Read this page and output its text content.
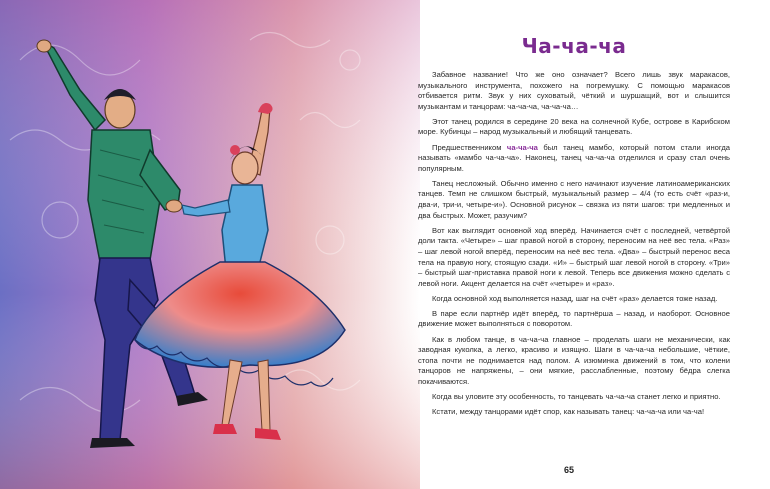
Ча-ча-ча

Забавное название! Что же оно означает? Всего лишь звук маракасов, музыкального инструмента, похожего на погремушку. С помощью маракасов отбивается ритм. Звук у них суховатый, чёткий и шуршащий, вот и слышится музыкантам и танцорам: ча-ча-ча, ча-ча-ча…

Этот танец родился в середине 20 века на солнечной Кубе, острове в Карибском море. Кубинцы – народ музыкальный и любящий танцевать.

Предшественником ча-ча-ча был танец мамбо, который потом стали иногда называть «мамбо ча-ча-ча». Наконец, танец ча-ча-ча отделился и сразу стал очень популярным.

Танец несложный. Обычно именно с него начинают изучение латиноамериканских танцев. Темп не слишком быстрый, музыкальный размер – 4/4 (то есть счёт «раз-и, два-и, три-и, четыре-и»). Основной рисунок – связка из пяти шагов: три медленных и два быстрых. Может, разучим?

Вот как выглядит основной ход вперёд. Начинается счёт с последней, четвёртой доли такта. «Четыре» – шаг правой ногой в сторону, переносим на неё вес тела. «Раз» – шаг левой ногой вперёд, переносим на неё вес тела. «Два» – быстрый перенос веса тела на правую ногу, стоящую сзади. «И» – быстрый шаг левой ногой в сторону. «Три» – быстрый шаг-приставка правой ноги к левой. Теперь все движения можно сделать с левой ноги. Акцент делается на счёт «четыре» и «раз».

Когда основной ход выполняется назад, шаг на счёт «раз» делается тоже назад.

В паре если партнёр идёт вперёд, то партнёрша – назад, и наоборот. Основное движение может выполняться с поворотом.

Как в любом танце, в ча-ча-ча главное – проделать шаги не механически, как заводная куколка, а легко, красиво и изящно. Шаги в ча-ча-ча небольшие, чёткие, стопа почти не поднимается над полом. А изюминка движений в том, что колени танцоров не напряжены, – они мягкие, расслабленные, поэтому бёдра слегка покачиваются.

Когда вы уловите эту особенность, то танцевать ча-ча-ча станет легко и приятно.

Кстати, между танцорами идёт спор, как называть танец: ча-ча-ча или ча-ча!

65
